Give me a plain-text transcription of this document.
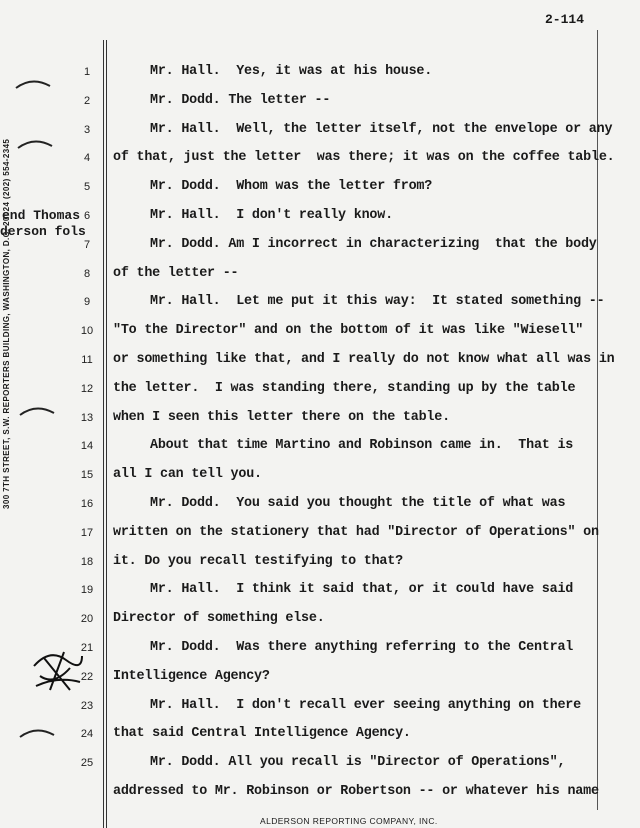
2-114
300 7TH STREET, S.W. REPORTERS BUILDING, WASHINGTON, D.C. 20024 (202) 554-2345
end Thomas
derson fols
1	Mr. Hall.  Yes, it was at his house.
2	Mr. Dodd. The letter --
3	Mr. Hall.  Well, the letter itself, not the envelope or any
4	of that, just the letter  was there; it was on the coffee table.
5	Mr. Dodd.  Whom was the letter from?
6	Mr. Hall.  I don't really know.
7	Mr. Dodd. Am I incorrect in characterizing  that the body
8	of the letter --
9	Mr. Hall.  Let me put it this way:  It stated something --
10 "To the Director" and on the bottom of it was like "Wiesell"
11 or something like that, and I really do not know what all was in
12 the letter.  I was standing there, standing up by the table
13 when I seen this letter there on the table.
14	About that time Martino and Robinson came in.  That is
15 all I can tell you.
16	Mr. Dodd.  You said you thought the title of what was
17 written on the stationery that had "Director of Operations" on
18 it. Do you recall testifying to that?
19	Mr. Hall.  I think it said that, or it could have said
20 Director of something else.
21	Mr. Dodd.  Was there anything referring to the Central
22 Intelligence Agency?
23	Mr. Hall.  I don't recall ever seeing anything on there
24 that said Central Intelligence Agency.
25	Mr. Dodd. All you recall is "Director of Operations",
addressed to Mr. Robinson or Robertson -- or whatever his name
ALDERSON REPORTING COMPANY, INC.
